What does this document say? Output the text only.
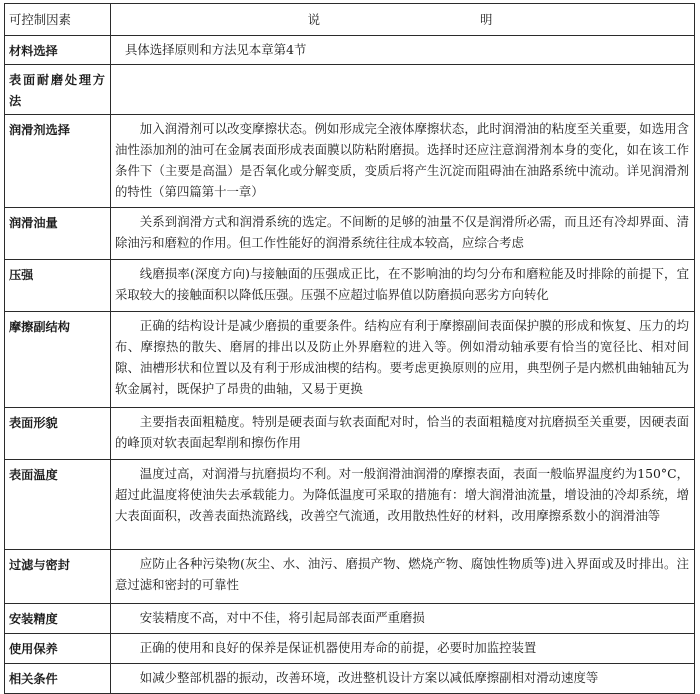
可控制因素	说明
材料选择	具体选择原则和方法见本章第4节
表面耐磨处理方法	
润滑剂选择	加入润滑剂可以改变摩擦状态。例如形成完全液体摩擦状态，此时润滑油的粘度至关重要，如选用含油性添加剂的油可在金属表面形成表面膜以防粘附磨损。选择时还应注意润滑剂本身的变化，如在该工作条件下（主要是高温）是否氧化或分解变质，变质后将产生沉淀而阻碍油在油路系统中流动。详见润滑剂的特性（第四篇第十一章）
润滑油量	关系到润滑方式和润滑系统的选定。不间断的足够的油量不仅是润滑所必需，而且还有冷却界面、清除油污和磨粒的作用。但工作性能好的润滑系统往往成本较高，应综合考虑
压强	线磨损率(深度方向)与接触面的压强成正比，在不影响油的均匀分布和磨粒能及时排除的前提下，宜采取较大的接触面积以降低压强。压强不应超过临界值以防磨损向恶劣方向转化
摩擦副结构	正确的结构设计是减少磨损的重要条件。结构应有利于摩擦副间表面保护膜的形成和恢复、压力的均布、摩擦热的散失、磨屑的排出以及防止外界磨粒的进入等。例如滑动轴承要有恰当的宽径比、相对间隙、油槽形状和位置以及有利于形成油楔的结构。要考虑更换原则的应用，典型例子是内燃机曲轴轴瓦为软金属衬，既保护了昂贵的曲轴，又易于更换
表面形貌	主要指表面粗糙度。特别是硬表面与软表面配对时，恰当的表面粗糙度对抗磨损至关重要，因硬表面的峰顶对软表面起犁削和擦伤作用
表面温度	温度过高，对润滑与抗磨损均不利。对一般润滑油润滑的摩擦表面，表面一般临界温度约为150°C，超过此温度将使油失去承载能力。为降低温度可采取的措施有：增大润滑油流量，增设油的冷却系统，增大表面面积，改善表面热流路线，改善空气流通，改用散热性好的材料，改用摩擦系数小的润滑油等
过滤与密封	应防止各种污染物(灰尘、水、油污、磨损产物、燃烧产物、腐蚀性物质等)进入界面或及时排出。注意过滤和密封的可靠性
安装精度	安装精度不高，对中不佳，将引起局部表面严重磨损
使用保养	正确的使用和良好的保养是保证机器使用寿命的前提，必要时加监控装置
相关条件	如减少整部机器的振动，改善环境，改进整机设计方案以减低摩擦副相对滑动速度等
